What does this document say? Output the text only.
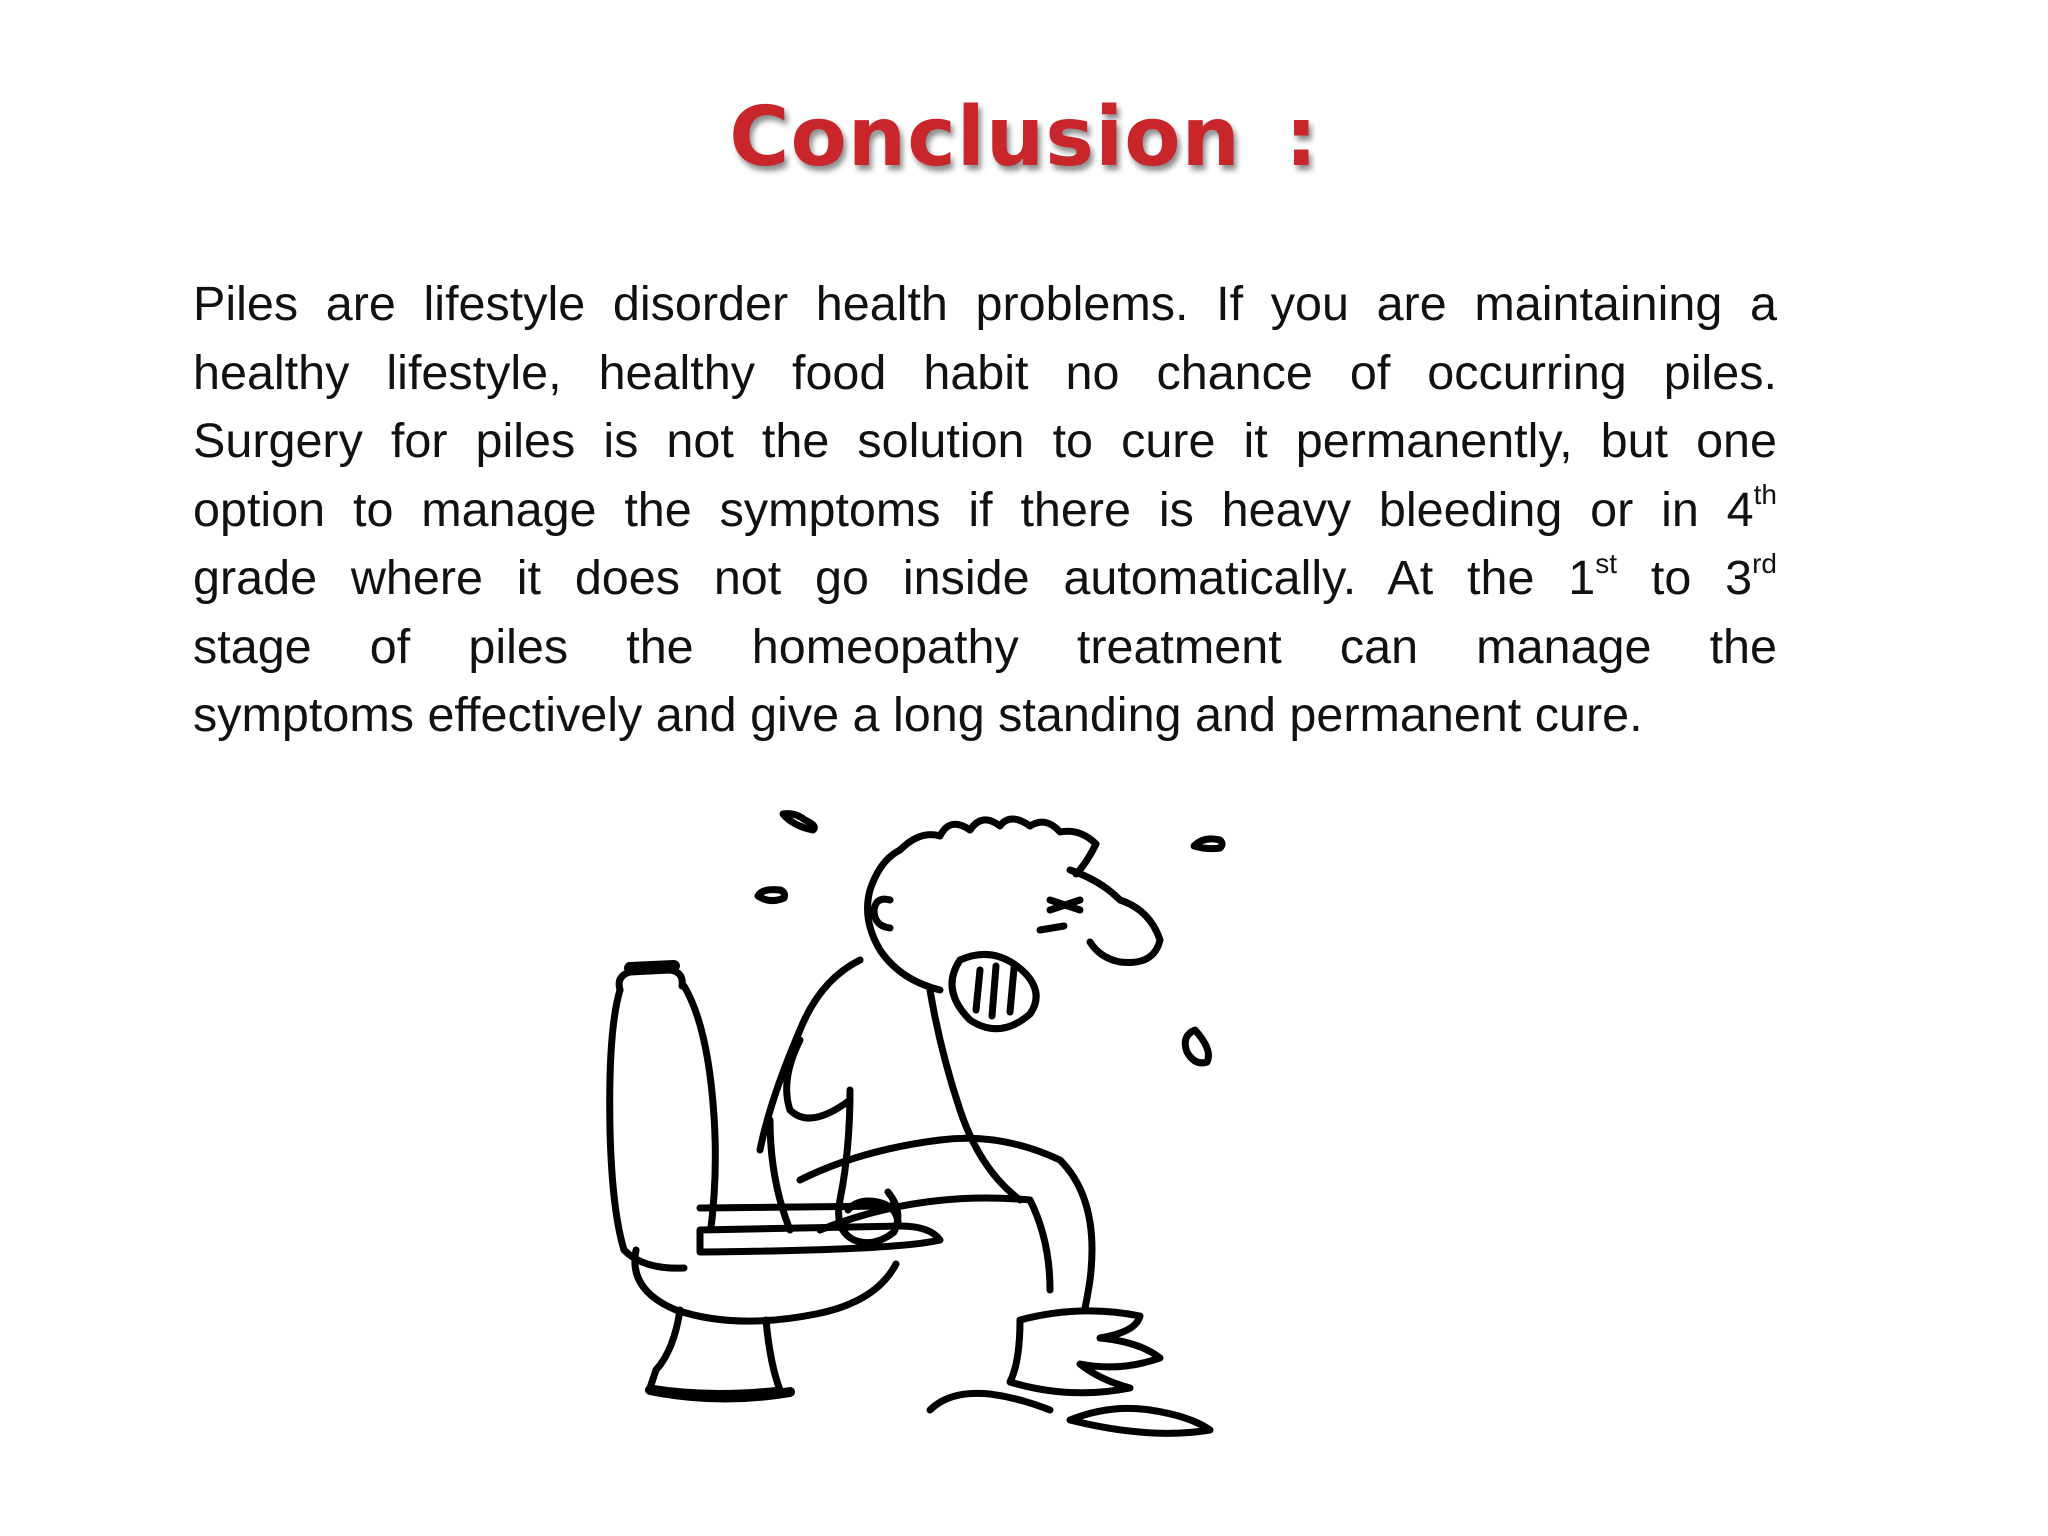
Conclusion :
Piles are lifestyle disorder health problems. If you are maintaining a
healthy lifestyle, healthy food habit no chance of occurring piles.
Surgery for piles is not the solution to cure it permanently, but one
option to manage the symptoms if there is heavy bleeding or in 4th
grade where it does not go inside automatically. At the 1st to 3rd
stage of piles the homeopathy treatment can manage the
symptoms effectively and give a long standing and permanent cure.
